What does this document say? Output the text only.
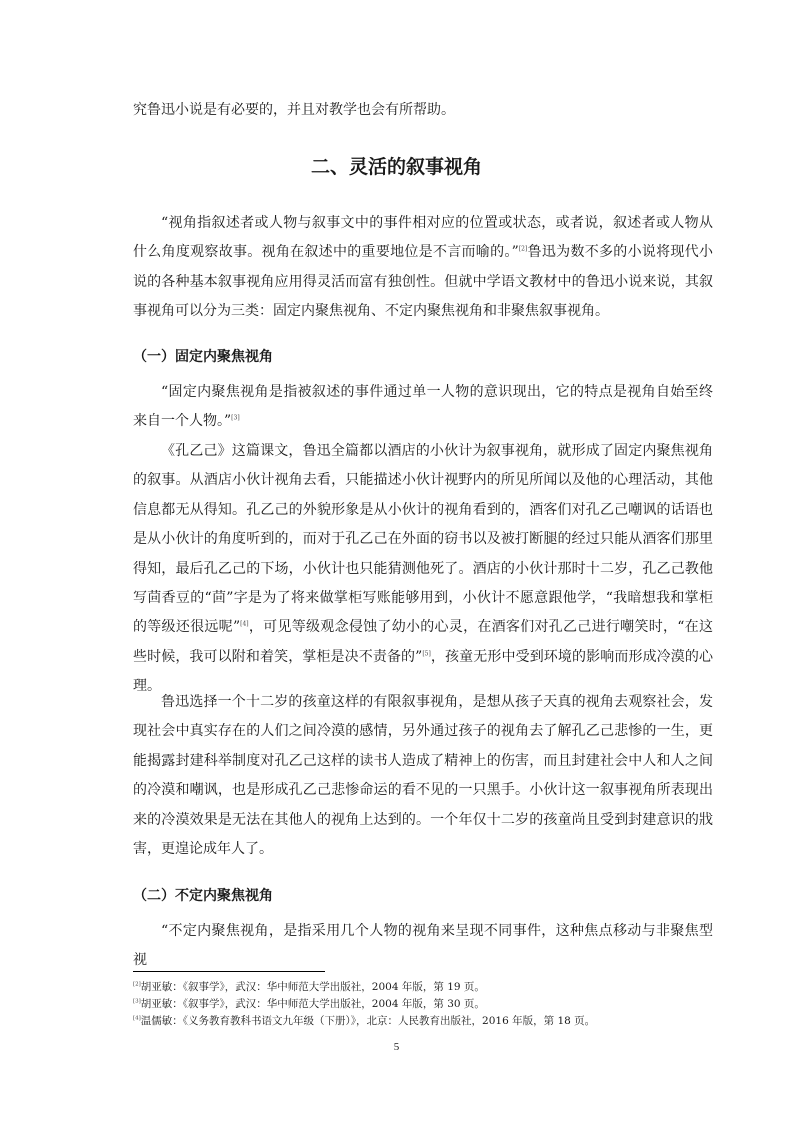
究鲁迅小说是有必要的，并且对教学也会有所帮助。

二、灵活的叙事视角

“视角指叙述者或人物与叙事文中的事件相对应的位置或状态，或者说，叙述者或人物从什么角度观察故事。视角在叙述中的重要地位是不言而喻的。”[2]鲁迅为数不多的小说将现代小说的各种基本叙事视角应用得灵活而富有独创性。但就中学语文教材中的鲁迅小说来说，其叙事视角可以分为三类：固定内聚焦视角、不定内聚焦视角和非聚焦叙事视角。

（一）固定内聚焦视角

“固定内聚焦视角是指被叙述的事件通过单一人物的意识现出，它的特点是视角自始至终来自一个人物。”[3]

《孔乙己》这篇课文，鲁迅全篇都以酒店的小伙计为叙事视角，就形成了固定内聚焦视角的叙事。从酒店小伙计视角去看，只能描述小伙计视野内的所见所闻以及他的心理活动，其他信息都无从得知。孔乙己的外貌形象是从小伙计的视角看到的，酒客们对孔乙己嘲讽的话语也是从小伙计的角度听到的，而对于孔乙己在外面的窃书以及被打断腿的经过只能从酒客们那里得知，最后孔乙己的下场，小伙计也只能猜测他死了。酒店的小伙计那时十二岁，孔乙己教他写茴香豆的“茴”字是为了将来做掌柜写账能够用到，小伙计不愿意跟他学，“我暗想我和掌柜的等级还很远呢”[4]，可见等级观念侵蚀了幼小的心灵，在酒客们对孔乙己进行嘲笑时，“在这些时候，我可以附和着笑，掌柜是决不责备的”[5]，孩童无形中受到环境的影响而形成冷漠的心理。

鲁迅选择一个十二岁的孩童这样的有限叙事视角，是想从孩子天真的视角去观察社会，发现社会中真实存在的人们之间冷漠的感情，另外通过孩子的视角去了解孔乙己悲惨的一生，更能揭露封建科举制度对孔乙己这样的读书人造成了精神上的伤害，而且封建社会中人和人之间的冷漠和嘲讽，也是形成孔乙己悲惨命运的看不见的一只黑手。小伙计这一叙事视角所表现出来的冷漠效果是无法在其他人的视角上达到的。一个年仅十二岁的孩童尚且受到封建意识的戕害，更遑论成年人了。

（二）不定内聚焦视角

“不定内聚焦视角，是指采用几个人物的视角来呈现不同事件，这种焦点移动与非聚焦型视

[2]胡亚敏：《叙事学》，武汉：华中师范大学出版社，2004 年版，第 19 页。

[3]胡亚敏：《叙事学》，武汉：华中师范大学出版社，2004 年版，第 30 页。

[4]温儒敏：《义务教育教科书语文九年级（下册）》，北京：人民教育出版社，2016 年版，第 18 页。

5
